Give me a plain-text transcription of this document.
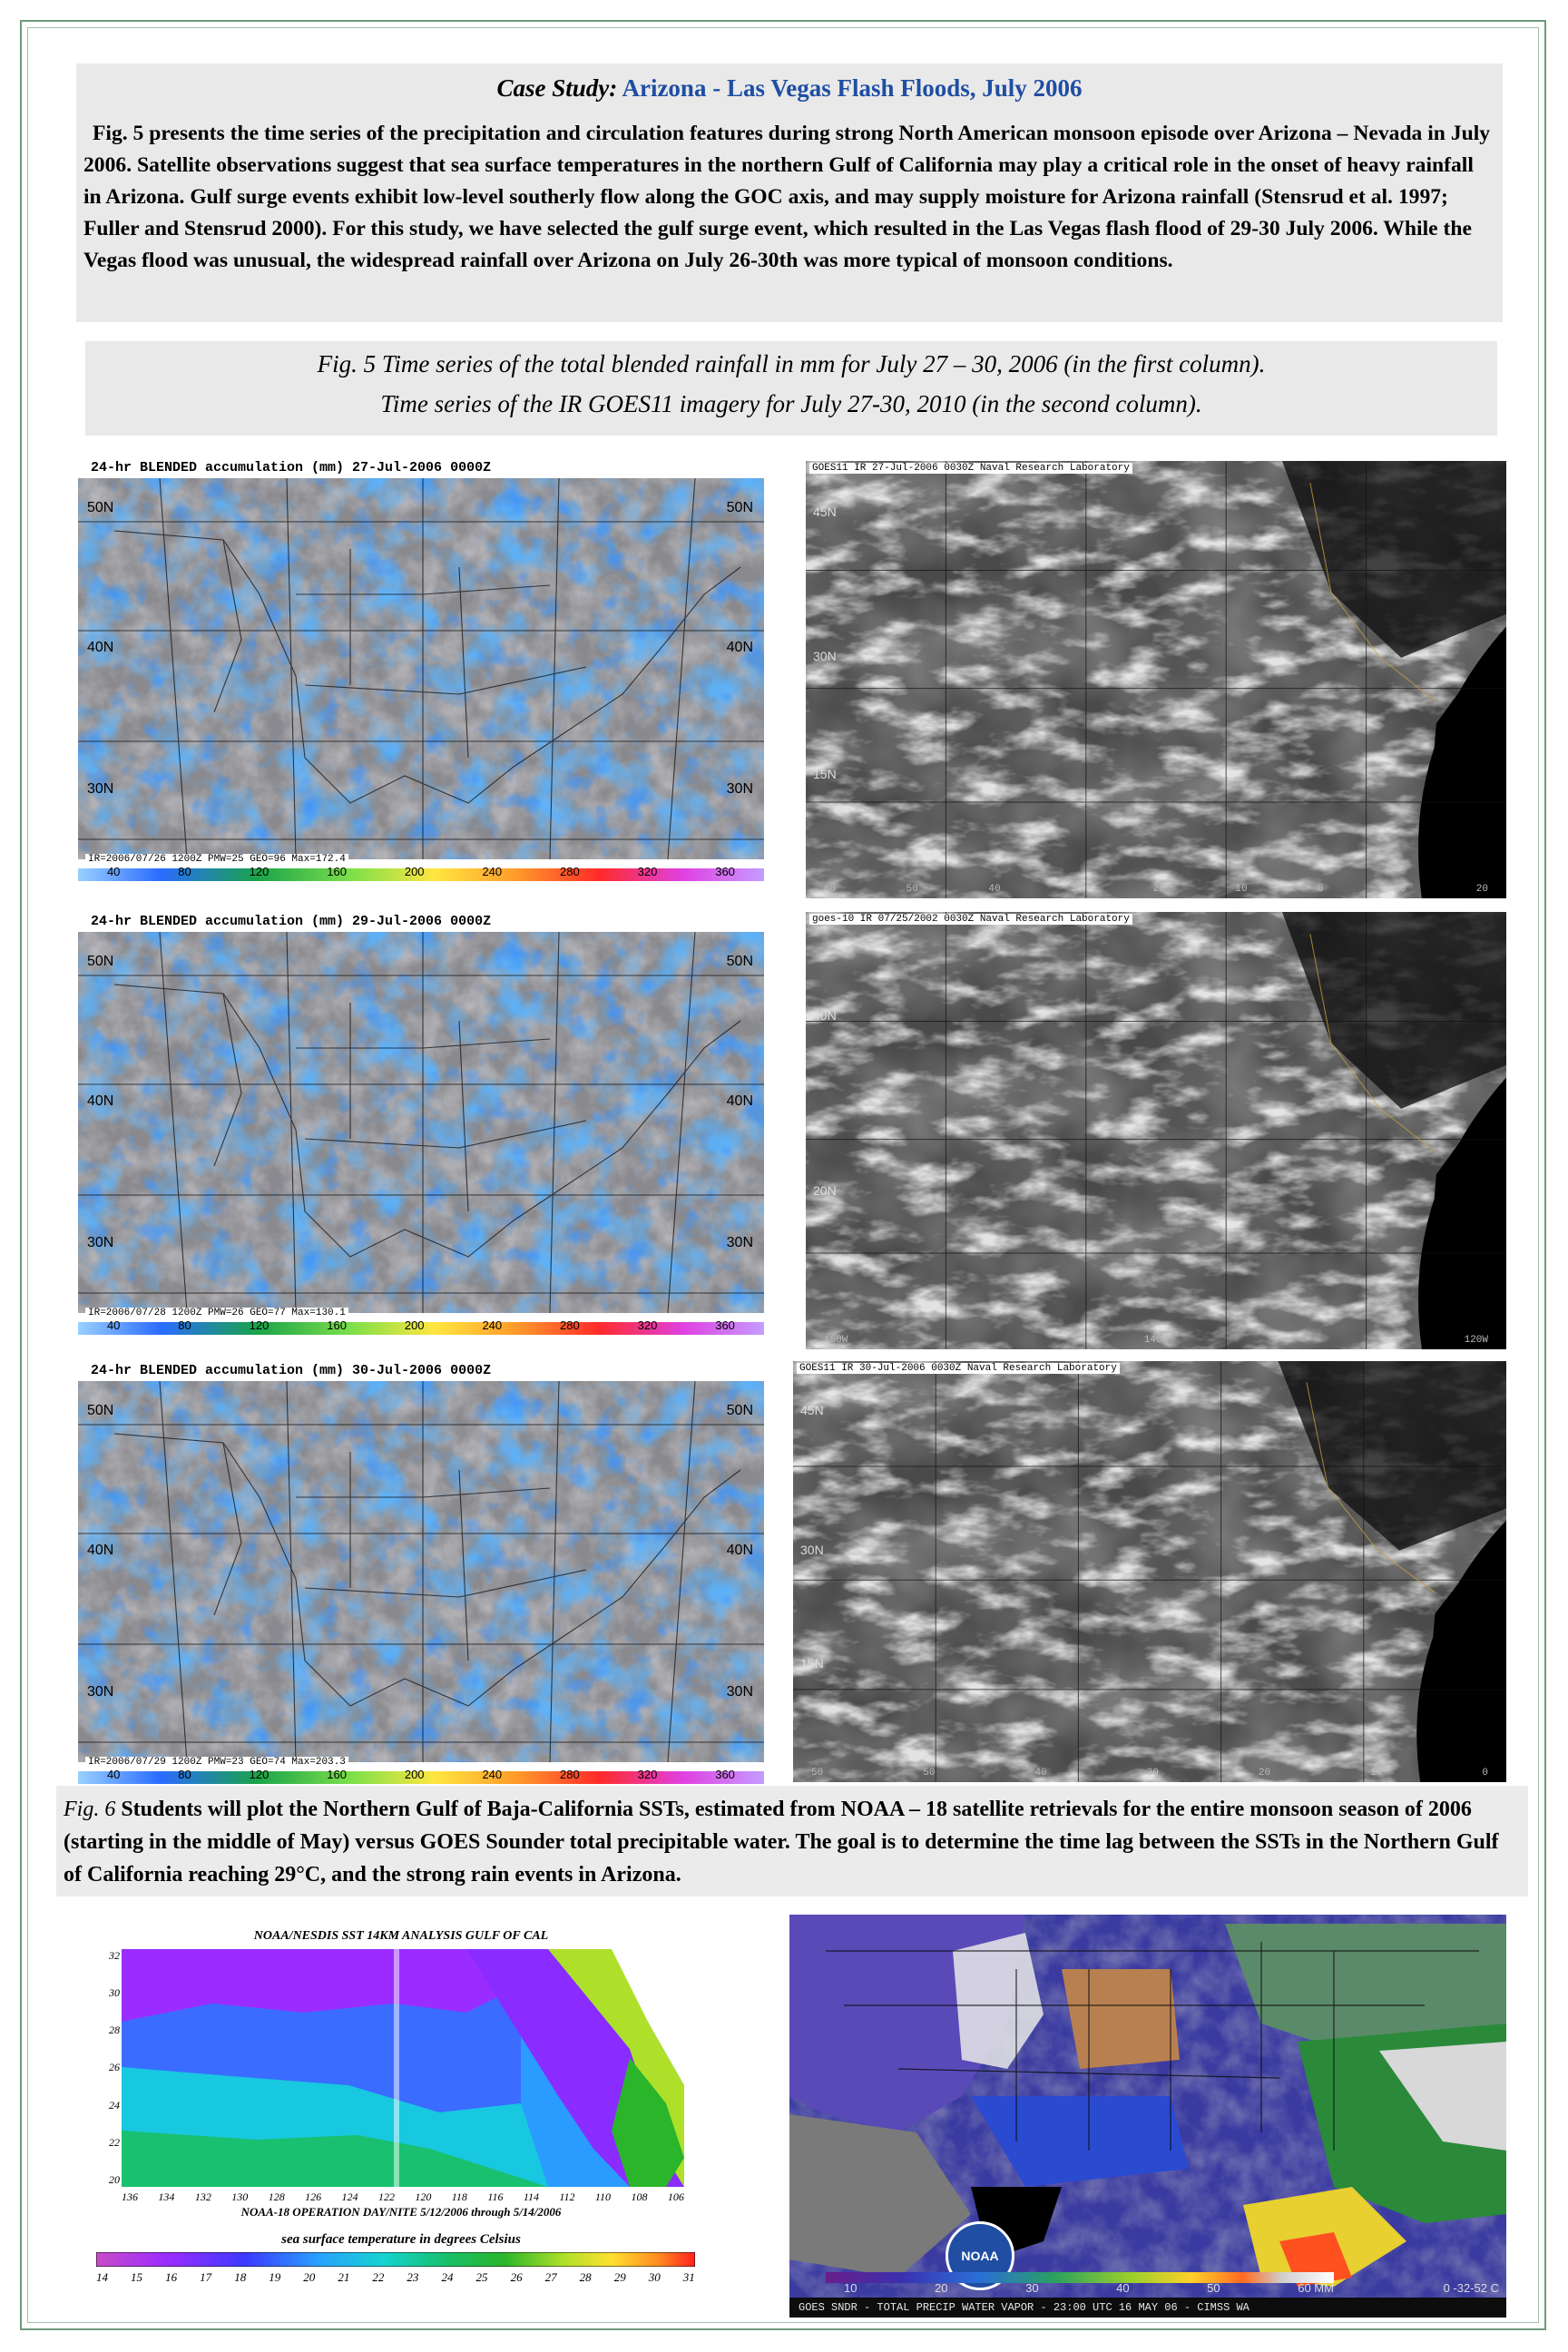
Case Study: Arizona - Las Vegas Flash Floods, July 2006

Fig. 5 presents the time series of the precipitation and circulation features during strong North American monsoon episode over Arizona – Nevada in July 2006. Satellite observations suggest that sea surface temperatures in the northern Gulf of California may play a critical role in the onset of heavy rainfall in Arizona. Gulf surge events exhibit low-level southerly flow along the GOC axis, and may supply moisture for Arizona rainfall (Stensrud et al. 1997; Fuller and Stensrud 2000). For this study, we have selected the gulf surge event, which resulted in the Las Vegas flash flood of 29-30 July 2006. While the Vegas flood was unusual, the widespread rainfall over Arizona on July 26-30th was more typical of monsoon conditions.

Fig. 5 Time series of the total blended rainfall in mm for July 27 – 30, 2006 (in the first column).
Time series of the IR GOES11 imagery for July 27-30, 2010 (in the second column).
24-hr BLENDED accumulation (mm) 27-Jul-2006 0000Z
50N	50N
40N	40N
30N	30N
IR=2006/07/26 1200Z PMW=25 GEO=96 Max=172.4
40	80	120	160	200	240	280	320	360
24-hr BLENDED accumulation (mm) 29-Jul-2006 0000Z
50N	50N
40N	40N
30N	30N
IR=2006/07/28 1200Z PMW=26 GEO=77 Max=130.1
40	80	120	160	200	240	280	320	360
24-hr BLENDED accumulation (mm) 30-Jul-2006 0000Z
50N	50N
40N	40N
30N	30N
IR=2006/07/29 1200Z PMW=23 GEO=74 Max=203.3
40	80	120	160	200	240	280	320	360
GOES11 IR 27-Jul-2006 0030Z Naval Research Laboratory
60	50	40	30	20	10	0	10	20
45N
30N
15N
goes-10 IR 07/25/2002 0030Z Naval Research Laboratory
160W	140W	120W
40N
20N
GOES11 IR 30-Jul-2006 0030Z Naval Research Laboratory
50	50	40	30	20	10	0
45N
30N
15N

Fig. 6 Students will plot the Northern Gulf of Baja-California SSTs, estimated from NOAA – 18 satellite retrievals for the entire monsoon season of 2006 (starting in the middle of May) versus GOES Sounder total precipitable water. The goal is to determine the time lag between the SSTs in the Northern Gulf of California reaching 29°C, and the strong rain events in Arizona.

NOAA/NESDIS SST 14KM ANALYSIS GULF OF CAL
32
30
28
26
24
22
20
136 134 132 130 128 126 124 122 120 118 116 114 112 110 108 106
NOAA-18 OPERATION DAY/NITE 5/12/2006 through 5/14/2006
sea surface temperature in degrees Celsius
14 15 16 17 18 19 20 21 22 23 24 25 26 27 28 29 30 31
NOAA
10	20	30	40	50	60 MM	0 -32-52 C
GOES SNDR - TOTAL PRECIP WATER VAPOR - 23:00 UTC 16 MAY 06 - CIMSS WA
